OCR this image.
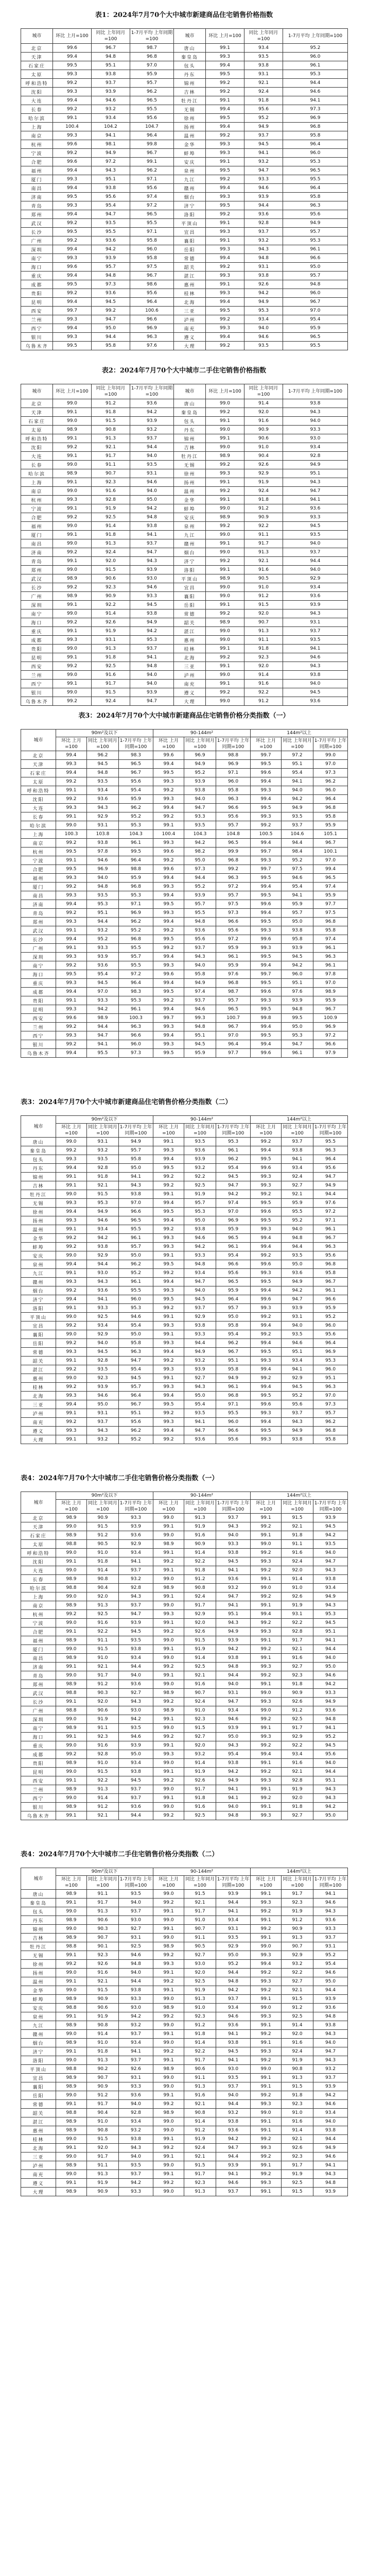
表1：2024年7月70个大中城市新建商品住宅销售价格指数
城市	环比 上月=100	同比 上年同月=100	1-7月平均 上年同期=100	城市	环比 上月=100	同比 上年同月=100	1-7月平均 上年同期=100
北京	99.6	96.7	98.7	唐山	99.1	93.4	95.2
天津	99.4	94.8	96.8	秦皇岛	99.3	93.5	96.0
石家庄	99.5	95.1	97.0	包头	99.4	93.8	96.1
太原	99.3	93.8	95.9	丹东	99.5	93.1	95.3
呼和浩特	99.2	93.7	95.7	锦州	99.2	92.1	94.4
沈阳	99.3	93.9	96.2	吉林	99.2	92.4	94.6
大连	99.4	94.6	96.5	牡丹江	99.1	91.8	94.1
长春	99.2	93.2	95.5	无锡	99.4	95.6	97.3
哈尔滨	99.1	93.4	95.6	徐州	99.5	95.2	96.9
上海	100.4	104.2	104.7	扬州	99.4	94.9	96.8
南京	99.3	94.1	96.4	温州	99.2	93.7	95.8
杭州	99.6	98.1	99.8	金华	99.3	94.5	96.4
宁波	99.2	94.9	96.7	蚌埠	99.3	94.1	96.0
合肥	99.6	97.2	99.1	安庆	99.1	93.2	95.3
福州	99.4	94.3	96.2	泉州	99.5	94.7	96.5
厦门	99.3	95.1	97.1	九江	99.2	93.3	95.5
南昌	99.4	93.8	95.6	赣州	99.4	94.6	96.4
济南	99.5	95.6	97.4	烟台	99.3	93.9	95.8
青岛	99.3	95.4	97.2	济宁	99.5	94.4	96.3
郑州	99.4	94.7	96.5	洛阳	99.2	93.6	95.6
武汉	99.2	93.5	95.5	平顶山	99.1	92.8	94.9
长沙	99.5	95.5	97.1	宜昌	99.3	93.7	95.7
广州	99.2	93.6	95.8	襄阳	99.1	93.2	95.3
深圳	99.4	94.2	96.0	岳阳	99.3	94.3	96.1
南宁	99.3	93.9	95.8	常德	99.4	94.8	96.6
海口	99.6	95.7	97.5	韶关	99.2	93.1	95.0
重庆	99.4	94.8	96.7	湛江	99.3	93.8	95.7
成都	99.5	97.3	98.6	惠州	99.1	92.6	94.8
贵阳	99.2	93.6	95.6	桂林	99.3	94.2	96.0
昆明	99.4	94.5	96.4	北海	99.4	94.9	96.7
西安	99.7	99.2	100.6	三亚	99.5	95.3	97.0
兰州	99.3	94.7	96.6	泸州	99.2	93.4	95.4
西宁	99.4	95.0	96.9	南充	99.3	94.0	95.9
银川	99.3	94.4	96.3	遵义	99.4	94.6	96.5
乌鲁木齐	99.5	95.8	97.6	大理	99.2	93.5	95.5
表2：2024年7月70个大中城市二手住宅销售价格指数
城市	环比 上月=100	同比 上年同月=100	1-7月平均 上年同期=100	城市	环比 上月=100	同比 上年同月=100	1-7月平均 上年同期=100
北京	99.0	91.2	93.6	唐山	99.0	91.4	93.8
天津	99.1	91.8	94.2	秦皇岛	99.2	92.0	94.3
石家庄	99.0	91.5	93.9	包头	99.1	91.6	94.0
太原	98.9	90.8	93.2	丹东	99.0	90.9	93.3
呼和浩特	99.1	91.3	93.7	锦州	99.1	90.6	93.0
沈阳	99.2	92.1	94.4	吉林	99.0	91.0	93.4
大连	99.1	91.7	94.0	牡丹江	98.9	90.4	92.8
长春	99.0	91.1	93.5	无锡	99.2	92.6	94.9
哈尔滨	98.9	90.7	93.1	徐州	99.3	92.9	95.1
上海	99.1	92.3	94.6	扬州	99.1	91.9	94.3
南京	99.0	91.6	94.0	温州	99.2	92.4	94.7
杭州	99.3	92.8	95.0	金华	99.1	91.8	94.1
宁波	99.1	91.9	94.2	蚌埠	99.0	91.2	93.6
合肥	99.2	92.5	94.8	安庆	98.9	90.9	93.3
福州	99.0	91.4	93.8	泉州	99.2	92.2	94.5
厦门	99.1	91.8	94.1	九江	99.0	91.1	93.5
南昌	99.0	91.3	93.7	赣州	99.1	91.7	94.0
济南	99.2	92.4	94.7	烟台	99.0	91.3	93.7
青岛	99.1	92.0	94.3	济宁	99.2	92.1	94.4
郑州	99.0	91.5	93.9	洛阳	99.1	91.6	94.0
武汉	98.9	90.6	93.0	平顶山	98.9	90.5	92.9
长沙	99.2	92.3	94.6	宜昌	99.0	91.0	93.4
广州	98.9	90.9	93.3	襄阳	99.0	91.2	93.6
深圳	99.1	92.2	94.5	岳阳	99.1	91.5	93.9
南宁	99.0	91.4	93.8	常德	99.2	92.0	94.3
海口	99.2	92.6	94.9	韶关	98.9	90.7	93.1
重庆	99.1	91.9	94.2	湛江	99.0	91.3	93.7
成都	99.3	93.1	95.3	惠州	99.0	91.1	93.5
贵阳	99.0	91.3	93.7	桂林	99.1	91.8	94.1
昆明	99.1	91.8	94.1	北海	99.2	92.3	94.6
西安	99.2	92.5	94.8	三亚	99.1	92.0	94.3
兰州	99.0	91.6	94.0	泸州	99.0	91.4	93.8
西宁	99.1	91.7	94.0	南充	99.1	91.6	94.0
银川	99.0	91.5	93.9	遵义	99.2	92.2	94.5
乌鲁木齐	99.2	92.4	94.7	大理	99.0	91.2	93.6
表3：2024年7月70个大中城市新建商品住宅销售价格分类指数（一）
城市	90m²及以下			90-144m²			144m²以上		
	环比 上月=100	同比 上年同月=100	1-7月平均 上年同期=100	环比 上月=100	同比 上年同月=100	1-7月平均 上年同期=100	环比 上月=100	同比 上年同月=100	1-7月平均 上年同期=100
北京	99.4	96.2	98.3	99.6	96.9	98.8	99.7	97.2	99.0
天津	99.3	94.5	96.5	99.4	94.9	96.9	99.5	95.1	97.0
石家庄	99.4	94.8	96.7	99.5	95.2	97.1	99.6	95.4	97.3
太原	99.2	93.5	95.6	99.3	93.9	96.0	99.4	94.1	96.2
呼和浩特	99.1	93.4	95.4	99.2	93.8	95.8	99.3	94.0	96.0
沈阳	99.2	93.6	95.9	99.3	94.0	96.3	99.4	94.2	96.4
大连	99.3	94.3	96.2	99.4	94.7	96.6	99.5	94.9	96.8
长春	99.1	92.9	95.2	99.2	93.3	95.6	99.3	93.5	95.8
哈尔滨	99.0	93.1	95.3	99.1	93.5	95.7	99.2	93.7	95.9
上海	100.3	103.8	104.3	100.4	104.3	104.8	100.5	104.6	105.1
南京	99.2	93.8	96.1	99.3	94.2	96.5	99.4	94.4	96.7
杭州	99.5	97.8	99.5	99.6	98.2	99.9	99.7	98.4	100.1
宁波	99.1	94.6	96.4	99.2	95.0	96.8	99.3	95.2	97.0
合肥	99.5	96.9	98.8	99.6	97.3	99.2	99.7	97.5	99.4
福州	99.3	94.0	95.9	99.4	94.4	96.3	99.5	94.6	96.5
厦门	99.2	94.8	96.8	99.3	95.2	97.2	99.4	95.4	97.4
南昌	99.3	93.5	95.3	99.4	93.9	95.7	99.5	94.1	95.9
济南	99.4	95.3	97.1	99.5	95.7	97.5	99.6	95.9	97.7
青岛	99.2	95.1	96.9	99.3	95.5	97.3	99.4	95.7	97.5
郑州	99.3	94.4	96.2	99.4	94.8	96.6	99.5	95.0	96.8
武汉	99.1	93.2	95.2	99.2	93.6	95.6	99.3	93.8	95.8
长沙	99.4	95.2	96.8	99.5	95.6	97.2	99.6	95.8	97.4
广州	99.1	93.3	95.5	99.2	93.7	95.9	99.3	93.9	96.1
深圳	99.3	93.9	95.7	99.4	94.3	96.1	99.5	94.5	96.3
南宁	99.2	93.6	95.5	99.3	94.0	95.9	99.4	94.2	96.1
海口	99.5	95.4	97.2	99.6	95.8	97.6	99.7	96.0	97.8
重庆	99.3	94.5	96.4	99.4	94.9	96.8	99.5	95.1	97.0
成都	99.4	97.0	98.3	99.5	97.4	98.7	99.6	97.6	98.9
贵阳	99.1	93.3	95.3	99.2	93.7	95.7	99.3	93.9	95.9
昆明	99.3	94.2	96.1	99.4	94.6	96.5	99.5	94.8	96.7
西安	99.6	98.9	100.3	99.7	99.3	100.7	99.8	99.5	100.9
兰州	99.2	94.4	96.3	99.3	94.8	96.7	99.4	95.0	96.9
西宁	99.3	94.7	96.6	99.4	95.1	97.0	99.5	95.3	97.2
银川	99.2	94.1	96.0	99.3	94.5	96.4	99.4	94.7	96.6
乌鲁木齐	99.4	95.5	97.3	99.5	95.9	97.7	99.6	96.1	97.9
表3：2024年7月70个大中城市新建商品住宅销售价格分类指数（二）
城市	90m²及以下			90-144m²			144m²以上		
	环比 上月=100	同比 上年同月=100	1-7月平均 上年同期=100	环比 上月=100	同比 上年同月=100	1-7月平均 上年同期=100	环比 上月=100	同比 上年同月=100	1-7月平均 上年同期=100
唐山	99.0	93.1	94.9	99.1	93.5	95.3	99.2	93.7	95.5
秦皇岛	99.2	93.2	95.7	99.3	93.6	96.1	99.4	93.8	96.3
包头	99.3	93.5	95.8	99.4	93.9	96.2	99.5	94.1	96.4
丹东	99.4	92.8	95.0	99.5	93.2	95.4	99.6	93.4	95.6
锦州	99.1	91.8	94.1	99.2	92.2	94.5	99.3	92.4	94.7
吉林	99.1	92.1	94.3	99.2	92.5	94.7	99.3	92.7	94.9
牡丹江	99.0	91.5	93.8	99.1	91.9	94.2	99.2	92.1	94.4
无锡	99.3	95.3	97.0	99.4	95.7	97.4	99.5	95.9	97.6
徐州	99.4	94.9	96.6	99.5	95.3	97.0	99.6	95.5	97.2
扬州	99.3	94.6	96.5	99.4	95.0	96.9	99.5	95.2	97.1
温州	99.1	93.4	95.5	99.2	93.8	95.9	99.3	94.0	96.1
金华	99.2	94.2	96.1	99.3	94.6	96.5	99.4	94.8	96.7
蚌埠	99.2	93.8	95.7	99.3	94.2	96.1	99.4	94.4	96.3
安庆	99.0	92.9	95.0	99.1	93.3	95.4	99.2	93.5	95.6
泉州	99.4	94.4	96.2	99.5	94.8	96.6	99.6	95.0	96.8
九江	99.1	93.0	95.2	99.2	93.4	95.6	99.3	93.6	95.8
赣州	99.3	94.3	96.1	99.4	94.7	96.5	99.5	94.9	96.7
烟台	99.2	93.6	95.5	99.3	94.0	95.9	99.4	94.2	96.1
济宁	99.4	94.1	96.0	99.5	94.5	96.4	99.6	94.7	96.6
洛阳	99.1	93.3	95.3	99.2	93.7	95.7	99.3	93.9	95.9
平顶山	99.0	92.5	94.6	99.1	92.9	95.0	99.2	93.1	95.2
宜昌	99.2	93.4	95.4	99.3	93.8	95.8	99.4	94.0	96.0
襄阳	99.0	92.9	95.0	99.1	93.3	95.4	99.2	93.5	95.6
岳阳	99.2	94.0	95.8	99.3	94.4	96.2	99.4	94.6	96.4
常德	99.3	94.5	96.3	99.4	94.9	96.7	99.5	95.1	96.9
韶关	99.1	92.8	94.7	99.2	93.2	95.1	99.3	93.4	95.3
湛江	99.2	93.5	95.4	99.3	93.9	95.8	99.4	94.1	96.0
惠州	99.0	92.3	94.5	99.1	92.7	94.9	99.2	92.9	95.1
桂林	99.2	93.9	95.7	99.3	94.3	96.1	99.4	94.5	96.3
北海	99.3	94.6	96.4	99.4	95.0	96.8	99.5	95.2	97.0
三亚	99.4	95.0	96.7	99.5	95.4	97.1	99.6	95.6	97.3
泸州	99.1	93.1	95.1	99.2	93.5	95.5	99.3	93.7	95.7
南充	99.2	93.7	95.6	99.3	94.1	96.0	99.4	94.3	96.2
遵义	99.3	94.3	96.2	99.4	94.7	96.6	99.5	94.9	96.8
大理	99.1	93.2	95.2	99.2	93.6	95.6	99.3	93.8	95.8
表4：2024年7月70个大中城市二手住宅销售价格分类指数（一）
城市	90m²及以下			90-144m²			144m²以上		
	环比 上月=100	同比 上年同月=100	1-7月平均 上年同期=100	环比 上月=100	同比 上年同月=100	1-7月平均 上年同期=100	环比 上月=100	同比 上年同月=100	1-7月平均 上年同期=100
北京	98.9	90.9	93.3	99.0	91.3	93.7	99.1	91.5	93.9
天津	99.0	91.5	93.9	99.1	91.9	94.3	99.2	92.1	94.5
石家庄	98.9	91.2	93.6	99.0	91.6	94.0	99.1	91.8	94.2
太原	98.8	90.5	92.9	98.9	90.9	93.3	99.0	91.1	93.5
呼和浩特	99.0	91.0	93.4	99.1	91.4	93.8	99.2	91.6	94.0
沈阳	99.1	91.8	94.1	99.2	92.2	94.5	99.3	92.4	94.7
大连	99.0	91.4	93.7	99.1	91.8	94.1	99.2	92.0	94.3
长春	98.9	90.8	93.2	99.0	91.2	93.6	99.1	91.4	93.8
哈尔滨	98.8	90.4	92.8	98.9	90.8	93.2	99.0	91.0	93.4
上海	99.0	92.0	94.3	99.1	92.4	94.7	99.2	92.6	94.9
南京	98.9	91.3	93.7	99.0	91.7	94.1	99.1	91.9	94.3
杭州	99.2	92.5	94.7	99.3	92.9	95.1	99.4	93.1	95.3
宁波	99.0	91.6	93.9	99.1	92.0	94.3	99.2	92.2	94.5
合肥	99.1	92.2	94.5	99.2	92.6	94.9	99.3	92.8	95.1
福州	98.9	91.1	93.5	99.0	91.5	93.9	99.1	91.7	94.1
厦门	99.0	91.5	93.8	99.1	91.9	94.2	99.2	92.1	94.4
南昌	98.9	91.0	93.4	99.0	91.4	93.8	99.1	91.6	94.0
济南	99.1	92.1	94.4	99.2	92.5	94.8	99.3	92.7	95.0
青岛	99.0	91.7	94.0	99.1	92.1	94.4	99.2	92.3	94.6
郑州	98.9	91.2	93.6	99.0	91.6	94.0	99.1	91.8	94.2
武汉	98.8	90.3	92.7	98.9	90.7	93.1	99.0	90.9	93.3
长沙	99.1	92.0	94.3	99.2	92.4	94.7	99.3	92.6	94.9
广州	98.8	90.6	93.0	98.9	91.0	93.4	99.0	91.2	93.6
深圳	99.0	91.9	94.2	99.1	92.3	94.6	99.2	92.5	94.8
南宁	98.9	91.1	93.5	99.0	91.5	93.9	99.1	91.7	94.1
海口	99.1	92.3	94.6	99.2	92.7	95.0	99.3	92.9	95.2
重庆	99.0	91.6	93.9	99.1	92.0	94.3	99.2	92.2	94.5
成都	99.2	92.8	95.0	99.3	93.2	95.4	99.4	93.4	95.6
贵阳	98.9	91.0	93.4	99.0	91.4	93.8	99.1	91.6	94.0
昆明	99.0	91.5	93.8	99.1	91.9	94.2	99.2	92.1	94.4
西安	99.1	92.2	94.5	99.2	92.6	94.9	99.3	92.8	95.1
兰州	98.9	91.3	93.7	99.0	91.7	94.1	99.1	91.9	94.3
西宁	99.0	91.4	93.7	99.1	91.8	94.1	99.2	92.0	94.3
银川	98.9	91.2	93.6	99.0	91.6	94.0	99.1	91.8	94.2
乌鲁木齐	99.1	92.1	94.4	99.2	92.5	94.8	99.3	92.7	95.0
表4：2024年7月70个大中城市二手住宅销售价格分类指数（二）
城市	90m²及以下			90-144m²			144m²以上		
	环比 上月=100	同比 上年同月=100	1-7月平均 上年同期=100	环比 上月=100	同比 上年同月=100	1-7月平均 上年同期=100	环比 上月=100	同比 上年同月=100	1-7月平均 上年同期=100
唐山	98.9	91.1	93.5	99.0	91.5	93.9	99.1	91.7	94.1
秦皇岛	99.1	91.7	94.0	99.2	92.1	94.4	99.3	92.3	94.6
包头	99.0	91.3	93.7	99.1	91.7	94.1	99.2	91.9	94.3
丹东	98.9	90.6	93.0	99.0	91.0	93.4	99.1	91.2	93.6
锦州	99.0	90.3	92.7	99.1	90.7	93.1	99.2	90.9	93.3
吉林	98.9	90.7	93.1	99.0	91.1	93.5	99.1	91.3	93.7
牡丹江	98.8	90.1	92.5	98.9	90.5	92.9	99.0	90.7	93.1
无锡	99.1	92.3	94.6	99.2	92.7	95.0	99.3	92.9	95.2
徐州	99.2	92.6	94.8	99.3	93.0	95.2	99.4	93.2	95.4
扬州	99.0	91.6	94.0	99.1	92.0	94.4	99.2	92.2	94.6
温州	99.1	92.1	94.4	99.2	92.5	94.8	99.3	92.7	95.0
金华	99.0	91.5	93.8	99.1	91.9	94.2	99.2	92.1	94.4
蚌埠	98.9	90.9	93.3	99.0	91.3	93.7	99.1	91.5	93.9
安庆	98.8	90.6	93.0	98.9	91.0	93.4	99.0	91.2	93.6
泉州	99.1	91.9	94.2	99.2	92.3	94.6	99.3	92.5	94.8
九江	98.9	90.8	93.2	99.0	91.2	93.6	99.1	91.4	93.8
赣州	99.0	91.4	93.7	99.1	91.8	94.1	99.2	92.0	94.3
烟台	98.9	91.0	93.4	99.0	91.4	93.8	99.1	91.6	94.0
济宁	99.1	91.8	94.1	99.2	92.2	94.5	99.3	92.4	94.7
洛阳	99.0	91.3	93.7	99.1	91.7	94.1	99.2	91.9	94.3
平顶山	98.8	90.2	92.6	98.9	90.6	93.0	99.0	90.8	93.2
宜昌	98.9	90.7	93.1	99.0	91.1	93.5	99.1	91.3	93.7
襄阳	98.9	90.9	93.3	99.0	91.3	93.7	99.1	91.5	93.9
岳阳	99.0	91.2	93.6	99.1	91.6	94.0	99.2	91.8	94.2
常德	99.1	91.7	94.0	99.2	92.1	94.4	99.3	92.3	94.6
韶关	98.8	90.4	92.8	98.9	90.8	93.2	99.0	91.0	93.4
湛江	98.9	91.0	93.4	99.0	91.4	93.8	99.1	91.6	94.0
惠州	98.9	90.8	93.2	99.0	91.2	93.6	99.1	91.4	93.8
桂林	99.0	91.5	93.8	99.1	91.9	94.2	99.2	92.1	94.4
北海	99.1	92.0	94.3	99.2	92.4	94.7	99.3	92.6	94.9
三亚	99.0	91.7	94.0	99.1	92.1	94.4	99.2	92.3	94.6
泸州	98.9	91.1	93.5	99.0	91.5	93.9	99.1	91.7	94.1
南充	99.0	91.3	93.7	99.1	91.7	94.1	99.2	91.9	94.3
遵义	99.1	91.9	94.2	99.2	92.3	94.6	99.3	92.5	94.8
大理	98.9	90.9	93.3	99.0	91.3	93.7	99.1	91.5	93.9
